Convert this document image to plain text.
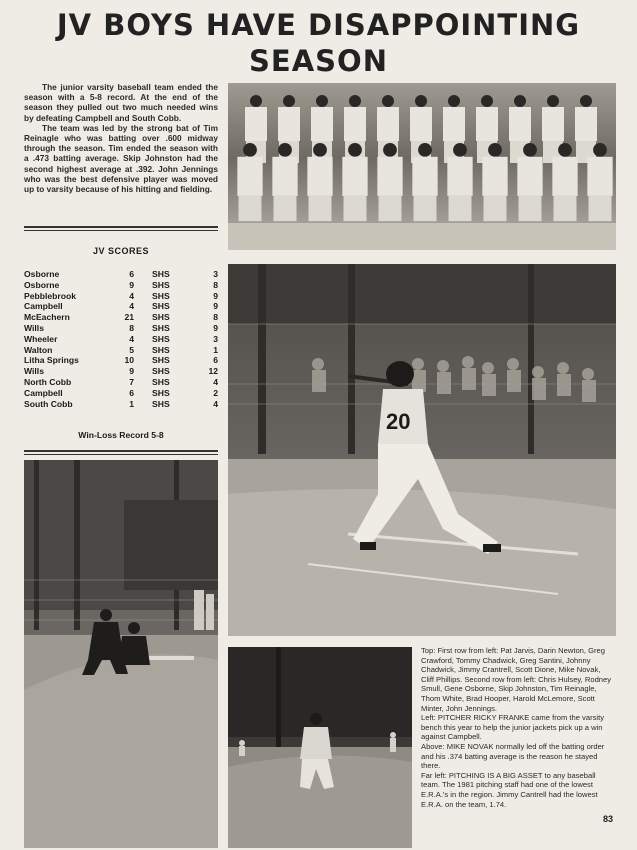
JV BOYS HAVE DISAPPOINTING
SEASON

The junior varsity baseball team ended the season with a 5-8 record. At the end of the season they pulled out two much needed wins by defeating Campbell and South Cobb.

The team was led by the strong bat of Tim Reinagle who was batting over .600 midway through the season. Tim ended the season with a .473 batting average. Skip Johnston had the second highest average at .392. John Jennings who was the best defensive player was moved up to varsity because of his hitting and fielding.

JV SCORES
Osborne	6 SHS	3
Osborne	9 SHS	8
Pebblebrook	4 SHS	9
Campbell	4 SHS	9
McEachern	21 SHS	8
Wills	8 SHS	9
Wheeler	4 SHS	3
Walton	5 SHS	1
Litha Springs	10 SHS	6
Wills	9 SHS	12
North Cobb	7 SHS	4
Campbell	6 SHS	2
South Cobb	1 SHS	4
Win-Loss Record 5-8
20

Top: First row from left: Pat Jarvis, Darin Newton, Greg Crawford, Tommy Chadwick, Greg Santini, Johnny Chadwick, Jimmy Crantrell, Scott Dione, Mike Novak, Cliff Phillips. Second row from left: Chris Hulsey, Rodney Smull, Gene Osborne, Skip Johnston, Tim Reinagle, Thom White, Brad Hooper, Harold McLemore, Scott Minter, John Jennings.

Left: PITCHER RICKY FRANKE came from the varsity bench this year to help the junior jackets pick up a win against Campbell.

Above: MIKE NOVAK normally led off the batting order and his .374 batting average is the reason he stayed there.

Far left: PITCHING IS A BIG ASSET to any baseball team. The 1981 pitching staff had one of the lowest E.R.A.'s in the region. Jimmy Cantrell had the lowest E.R.A. on the team, 1.74.

83
